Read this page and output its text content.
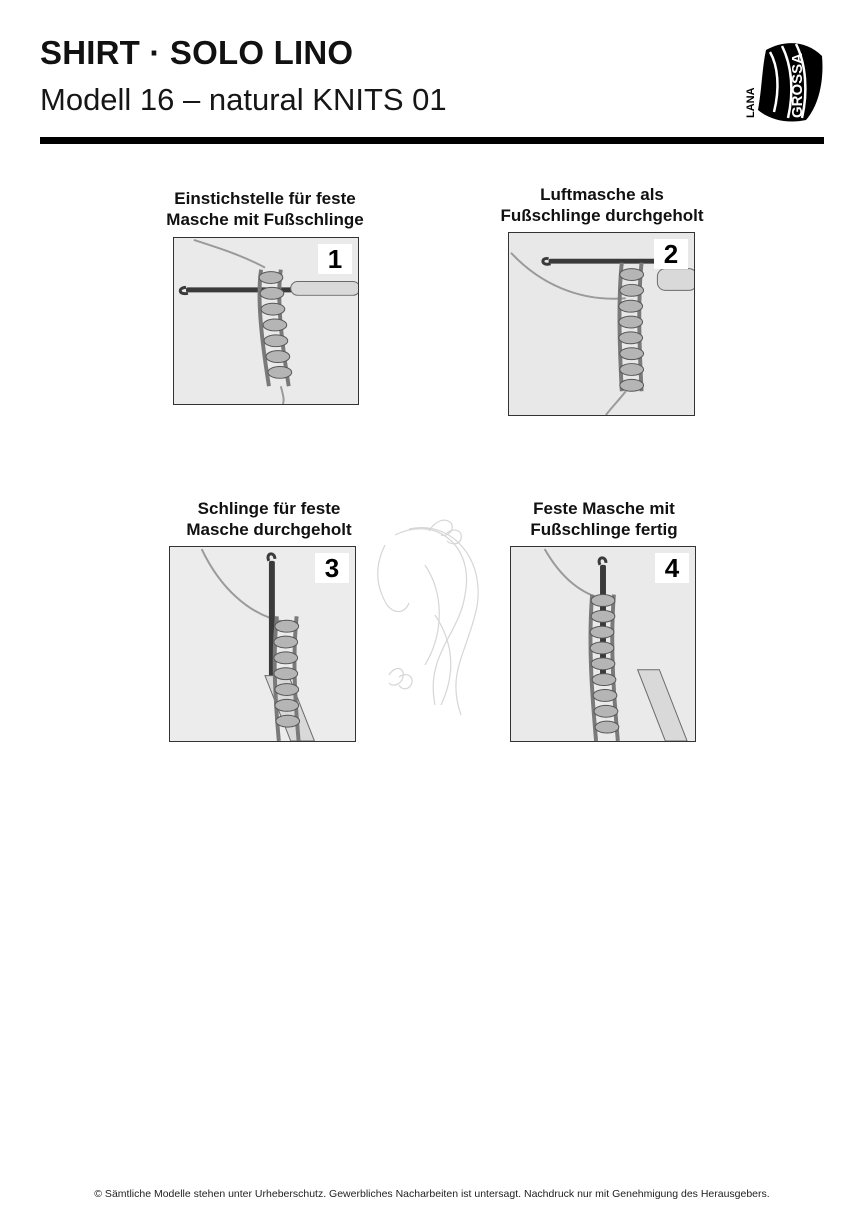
SHIRT · SOLO LINO
Modell 16 – natural KNITS 01	LANA GROSSA
Einstichstelle für feste
Masche mit Fußschlinge
1
Luftmasche als
Fußschlinge durchgeholt
2
Schlinge für feste
Masche durchgeholt
3
Feste Masche mit
Fußschlinge fertig
4
© Sämtliche Modelle stehen unter Urheberschutz. Gewerbliches Nacharbeiten ist untersagt. Nachdruck nur mit Genehmigung des Herausgebers.
